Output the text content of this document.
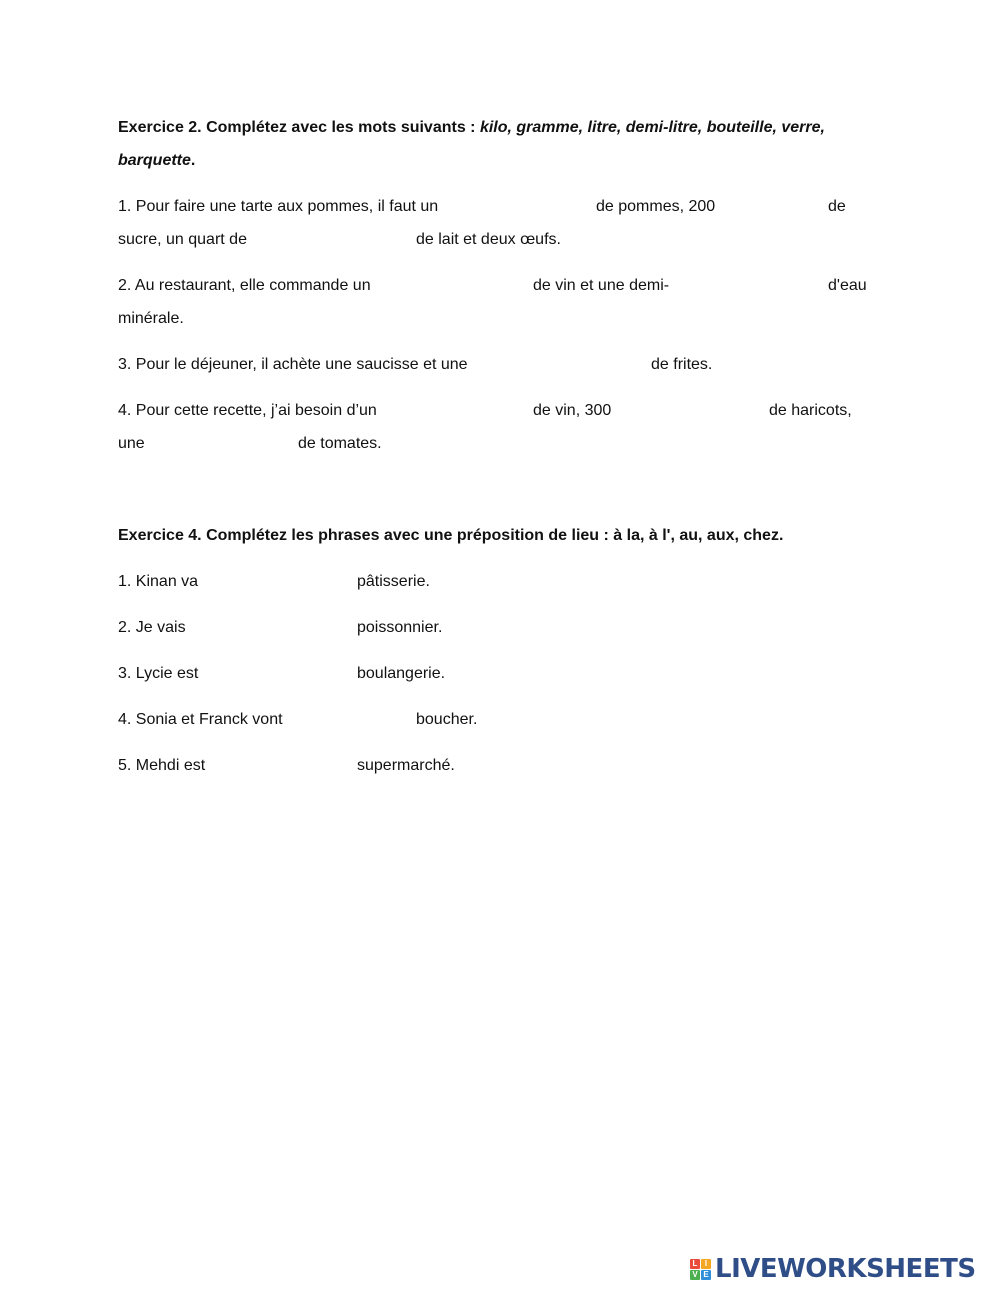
Exercice 2. Complétez avec les mots suivants : kilo, gramme, litre, demi-litre, bouteille, verre,
barquette.
1. Pour faire une tarte aux pommes, il faut un	de pommes, 200	de
sucre, un quart de	de lait et deux œufs.
2. Au restaurant, elle commande un	de vin et une demi-	d'eau
minérale.
3. Pour le déjeuner, il achète une saucisse et une	de frites.
4. Pour cette recette, j’ai besoin d’un	de vin, 300	de haricots,
une	de tomates.
Exercice 4. Complétez les phrases avec une préposition de lieu : à la, à l', au, aux, chez.
1. Kinan va	pâtisserie.
2. Je vais	poissonnier.
3. Lycie est	boulangerie.
4. Sonia et Franck vont	boucher.
5. Mehdi est	supermarché.
L I
V E LIVEWORKSHEETS
